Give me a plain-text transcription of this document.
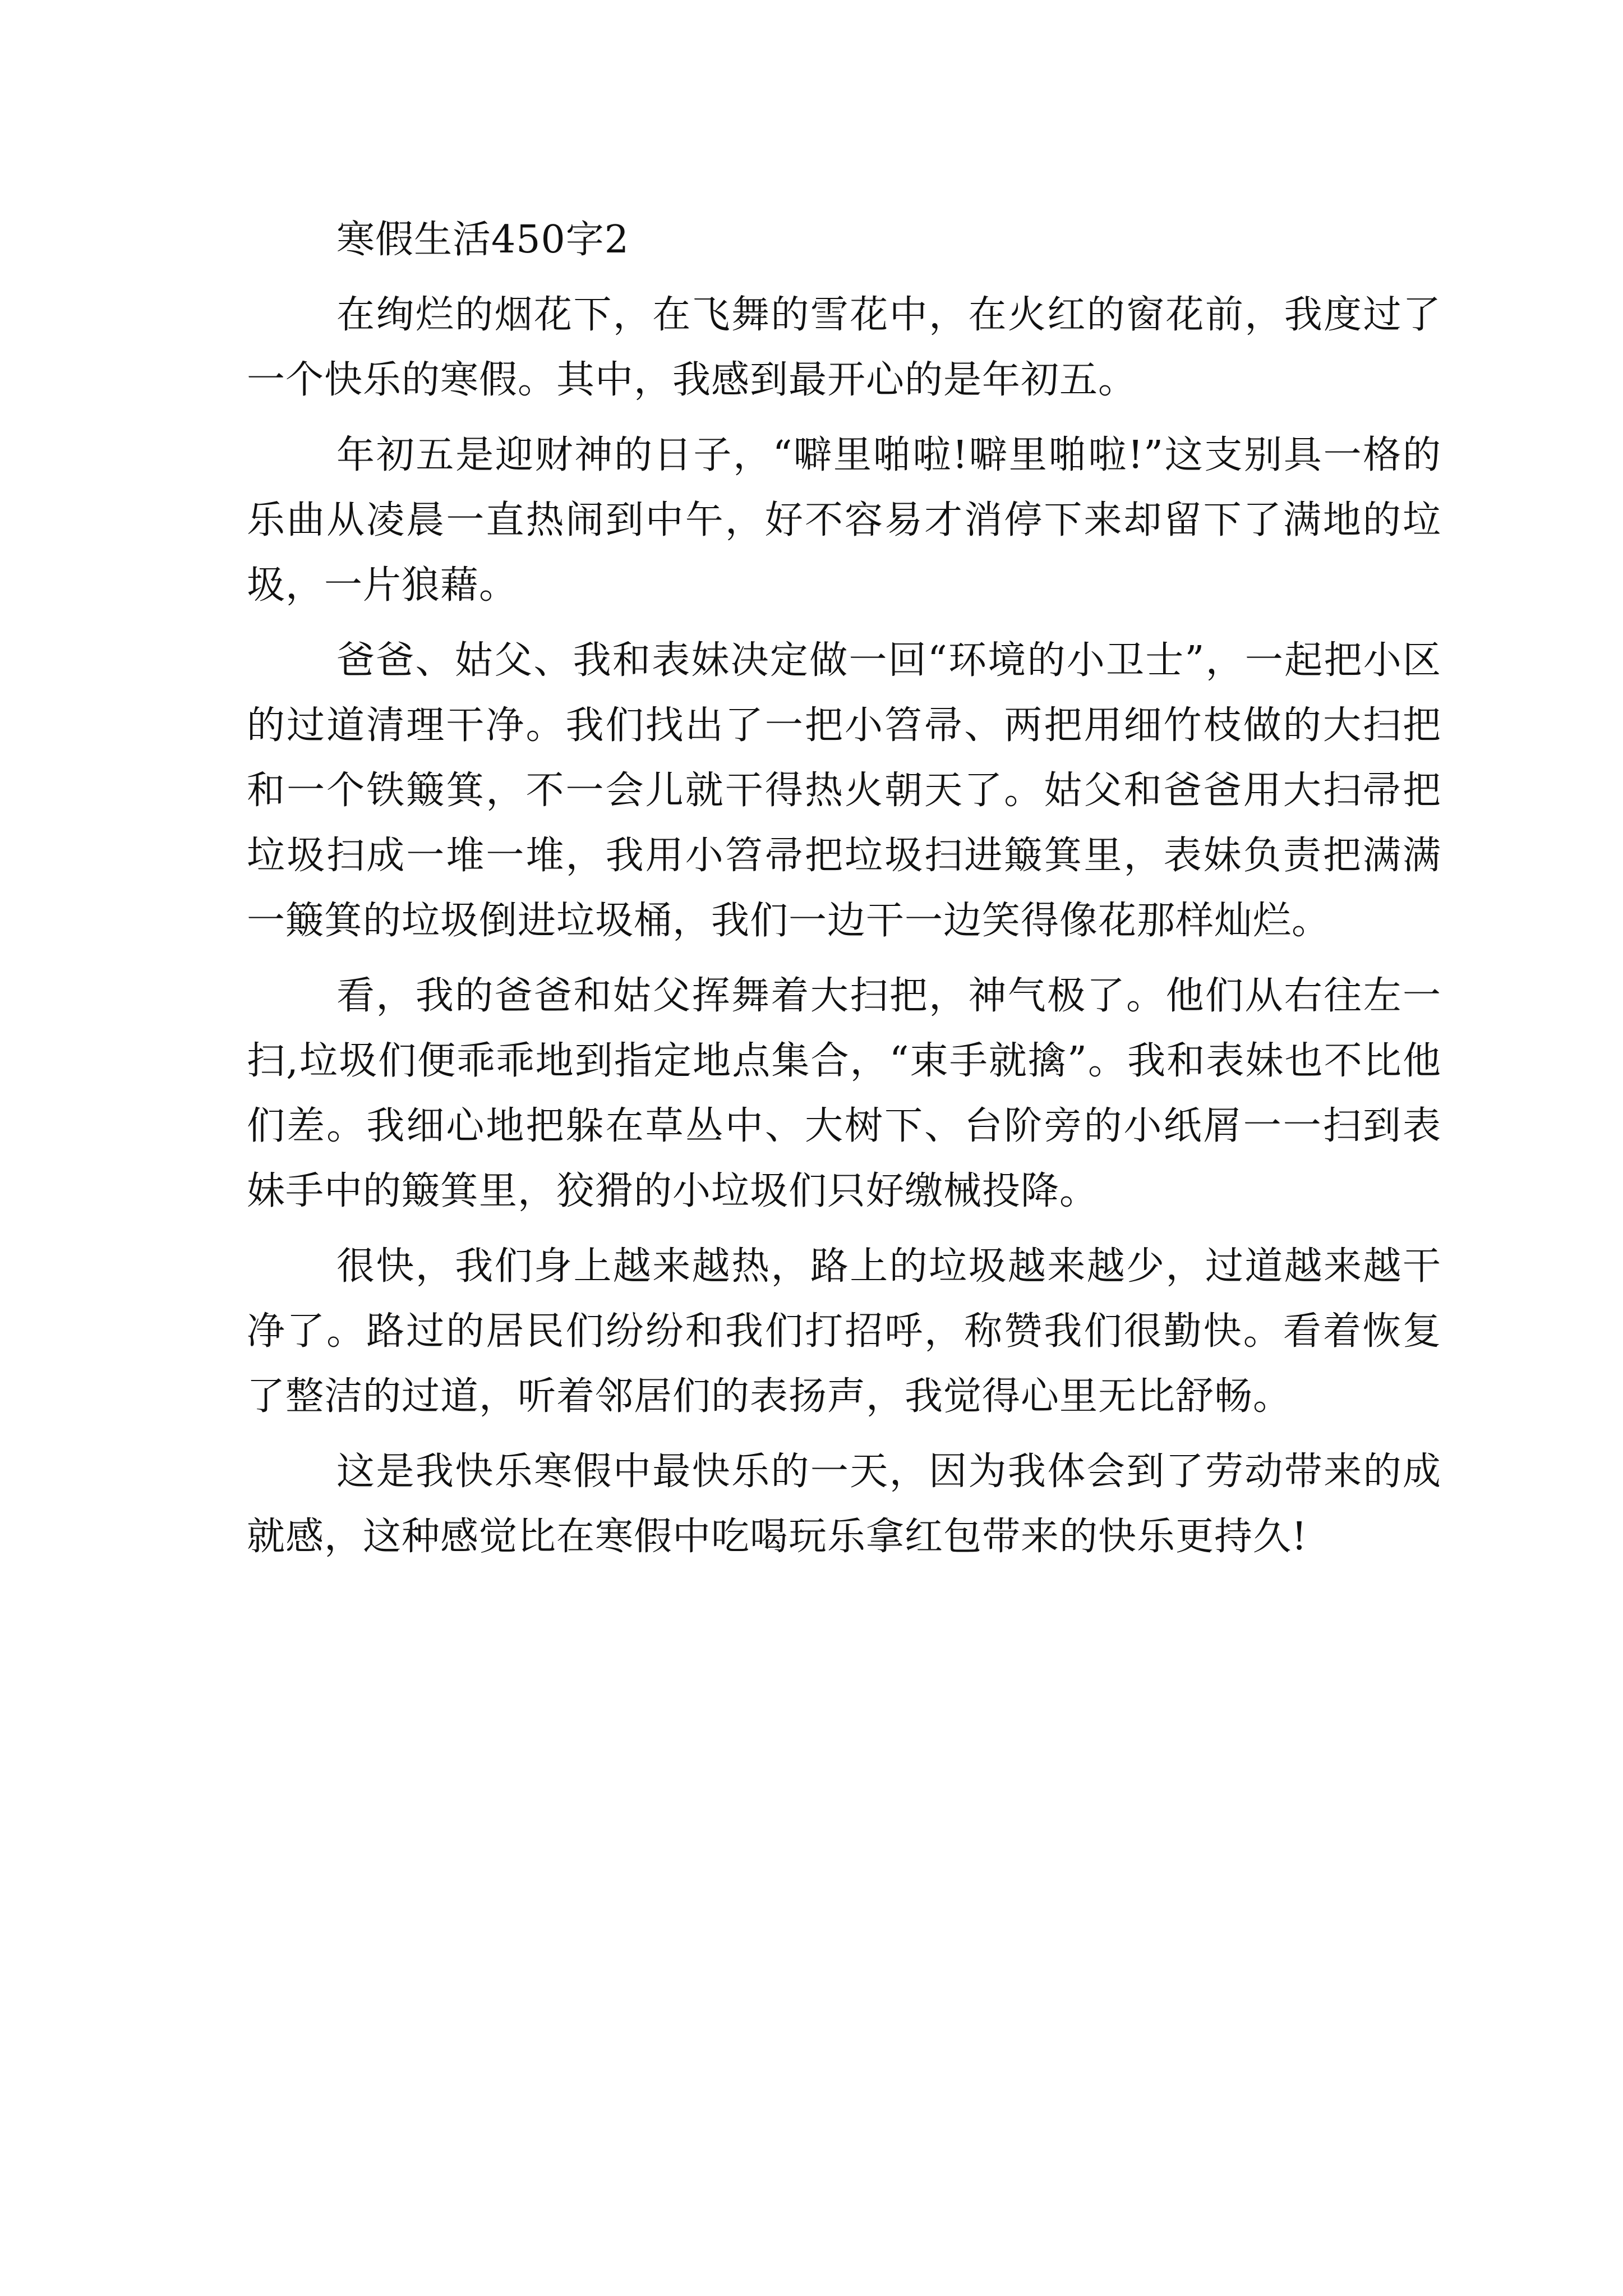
寒假生活450字2

在绚烂的烟花下，在飞舞的雪花中，在火红的窗花前，我度过了一个快乐的寒假。其中，我感到最开心的是年初五。

年初五是迎财神的日子，“噼里啪啦!噼里啪啦!”这支别具一格的乐曲从凌晨一直热闹到中午，好不容易才消停下来却留下了满地的垃圾，一片狼藉。

爸爸、姑父、我和表妹决定做一回“环境的小卫士”，一起把小区的过道清理干净。我们找出了一把小笤帚、两把用细竹枝做的大扫把和一个铁簸箕，不一会儿就干得热火朝天了。姑父和爸爸用大扫帚把垃圾扫成一堆一堆，我用小笤帚把垃圾扫进簸箕里，表妹负责把满满一簸箕的垃圾倒进垃圾桶，我们一边干一边笑得像花那样灿烂。

看，我的爸爸和姑父挥舞着大扫把，神气极了。他们从右往左一扫,垃圾们便乖乖地到指定地点集合，“束手就擒”。我和表妹也不比他们差。我细心地把躲在草丛中、大树下、台阶旁的小纸屑一一扫到表妹手中的簸箕里，狡猾的小垃圾们只好缴械投降。

很快，我们身上越来越热，路上的垃圾越来越少，过道越来越干净了。路过的居民们纷纷和我们打招呼，称赞我们很勤快。看着恢复了整洁的过道，听着邻居们的表扬声，我觉得心里无比舒畅。

这是我快乐寒假中最快乐的一天，因为我体会到了劳动带来的成就感，这种感觉比在寒假中吃喝玩乐拿红包带来的快乐更持久!
